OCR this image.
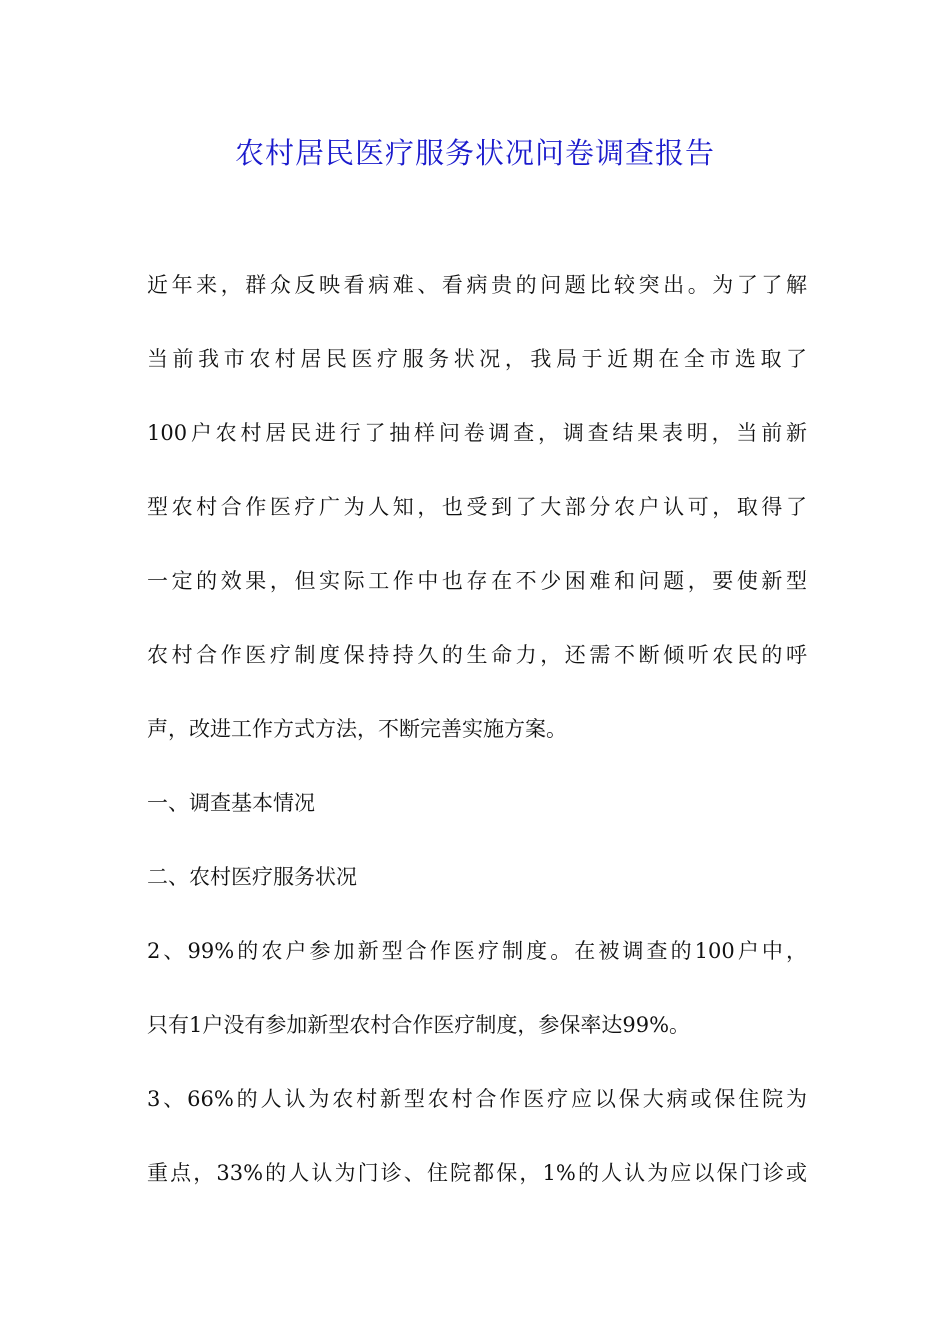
农村居民医疗服务状况问卷调查报告
近年来，群众反映看病难、看病贵的问题比较突出。为了了解
当前我市农村居民医疗服务状况，我局于近期在全市选取了
100户农村居民进行了抽样问卷调查，调查结果表明，当前新
型农村合作医疗广为人知，也受到了大部分农户认可，取得了
一定的效果，但实际工作中也存在不少困难和问题，要使新型
农村合作医疗制度保持持久的生命力，还需不断倾听农民的呼
声，改进工作方式方法，不断完善实施方案。
一、调查基本情况
二、农村医疗服务状况
2、99%的农户参加新型合作医疗制度。在被调查的100户中，
只有1户没有参加新型农村合作医疗制度，参保率达99%。
3、66%的人认为农村新型农村合作医疗应以保大病或保住院为
重点，33%的人认为门诊、住院都保，1%的人认为应以保门诊或
